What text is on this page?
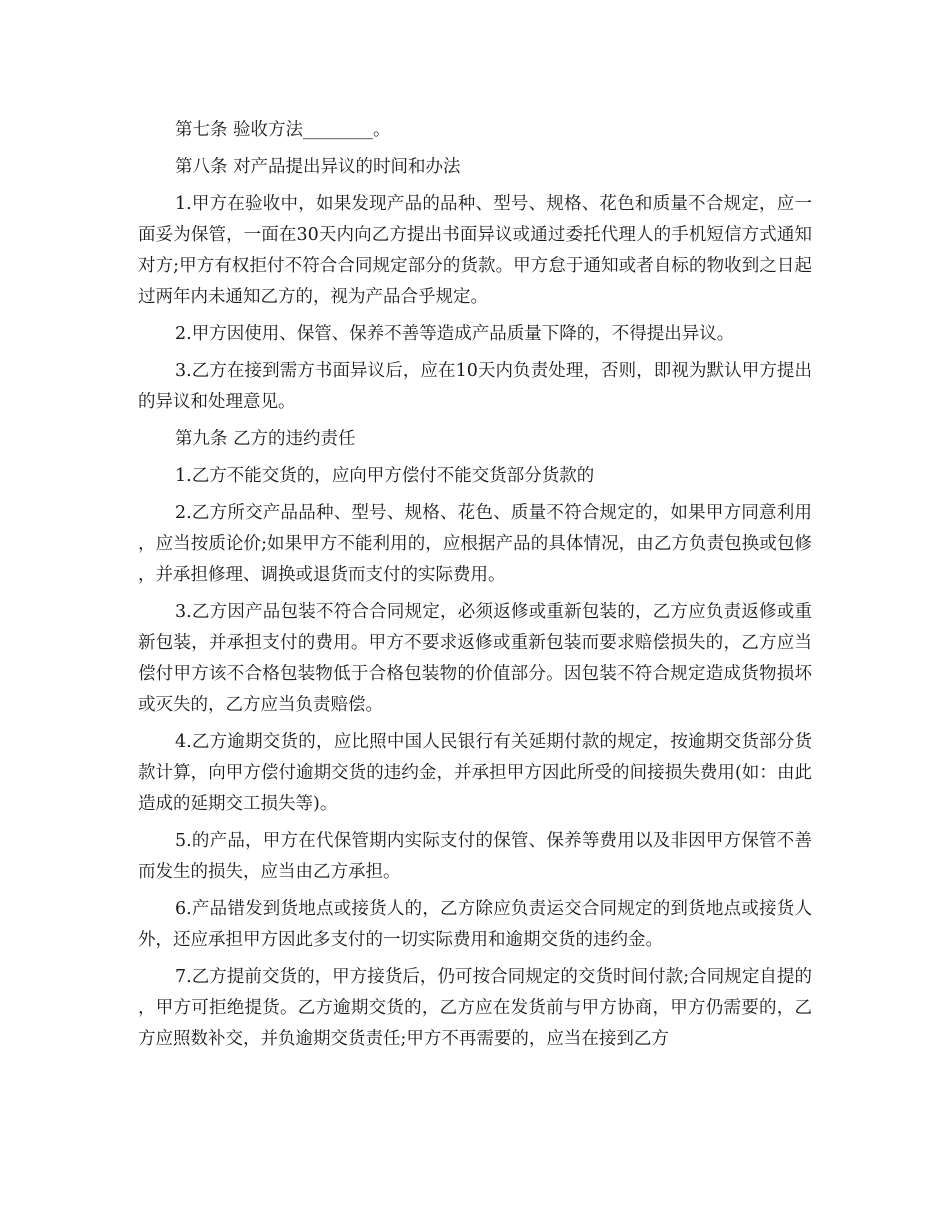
第七条 验收方法________。

第八条 对产品提出异议的时间和办法

1.甲方在验收中，如果发现产品的品种、型号、规格、花色和质量不合规定，应一面妥为保管，一面在30天内向乙方提出书面异议或通过委托代理人的手机短信方式通知对方;甲方有权拒付不符合合同规定部分的货款。甲方怠于通知或者自标的物收到之日起过两年内未通知乙方的，视为产品合乎规定。

2.甲方因使用、保管、保养不善等造成产品质量下降的，不得提出异议。

3.乙方在接到需方书面异议后，应在10天内负责处理，否则，即视为默认甲方提出的异议和处理意见。

第九条 乙方的违约责任

1.乙方不能交货的，应向甲方偿付不能交货部分货款的

2.乙方所交产品品种、型号、规格、花色、质量不符合规定的，如果甲方同意利用，应当按质论价;如果甲方不能利用的，应根据产品的具体情况，由乙方负责包换或包修，并承担修理、调换或退货而支付的实际费用。

3.乙方因产品包装不符合合同规定，必须返修或重新包装的，乙方应负责返修或重新包装，并承担支付的费用。甲方不要求返修或重新包装而要求赔偿损失的，乙方应当偿付甲方该不合格包装物低于合格包装物的价值部分。因包装不符合规定造成货物损坏或灭失的，乙方应当负责赔偿。

4.乙方逾期交货的，应比照中国人民银行有关延期付款的规定，按逾期交货部分货款计算，向甲方偿付逾期交货的违约金，并承担甲方因此所受的间接损失费用(如：由此造成的延期交工损失等)。

5.的产品，甲方在代保管期内实际支付的保管、保养等费用以及非因甲方保管不善而发生的损失，应当由乙方承担。

6.产品错发到货地点或接货人的，乙方除应负责运交合同规定的到货地点或接货人外，还应承担甲方因此多支付的一切实际费用和逾期交货的违约金。

7.乙方提前交货的，甲方接货后，仍可按合同规定的交货时间付款;合同规定自提的，甲方可拒绝提货。乙方逾期交货的，乙方应在发货前与甲方协商，甲方仍需要的，乙方应照数补交，并负逾期交货责任;甲方不再需要的，应当在接到乙方
